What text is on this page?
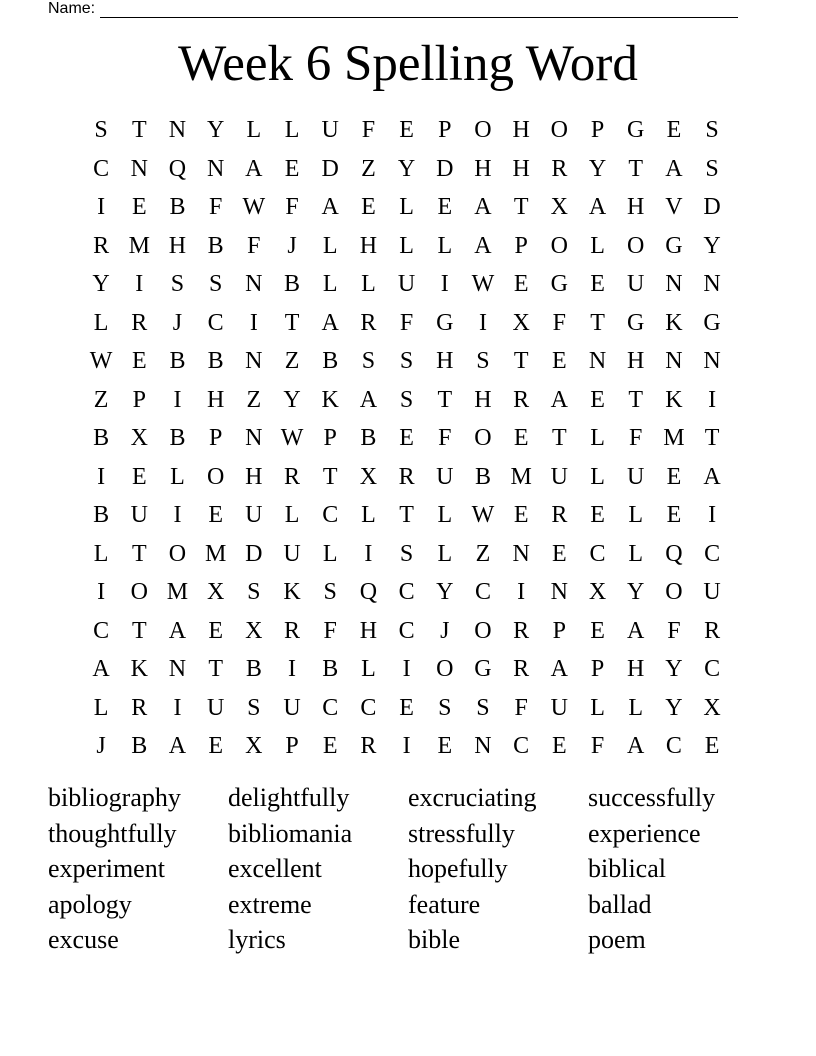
Name:
Week 6 Spelling Word
S	T N Y L L U F	E	P O H O P G E	S
C N Q N A E D Z Y D H H R Y T A S
I	E B F W F A E L E A T X A H V D
R M H B F	J	L H L L A P O L O G Y
Y	I	S	S N B L L U	I W E G E U N N
L R	J	C	I	T A R F G	I	X F	T G K G
W E B B N Z B S	S H S	T E N H N N
Z	P	I	H Z Y K A S	T H R A E T K	I
B X B P N W P B E	F O E T L	F M T
I	E L O H R T X R U B M U L U E A
B U	I	E U L C L T L W E R E L E	I
L T O M D U L	I	S	L Z N E C L Q C
I	O M X S K S Q C Y C	I	N X Y O U
C T A E X R F H C	J	O R P	E A F R
A K N T B	I	B L	I	O G R A P H Y C
L R	I	U S U C C E	S	S	F U L L Y X
J	B A E X P	E R	I	E N C E	F A C E
bibliography	delightfully	excruciating	successfully
thoughtfully	bibliomania	stressfully	experience
experiment	excellent	hopefully	biblical
apology	extreme	feature	ballad
excuse	lyrics	bible	poem
